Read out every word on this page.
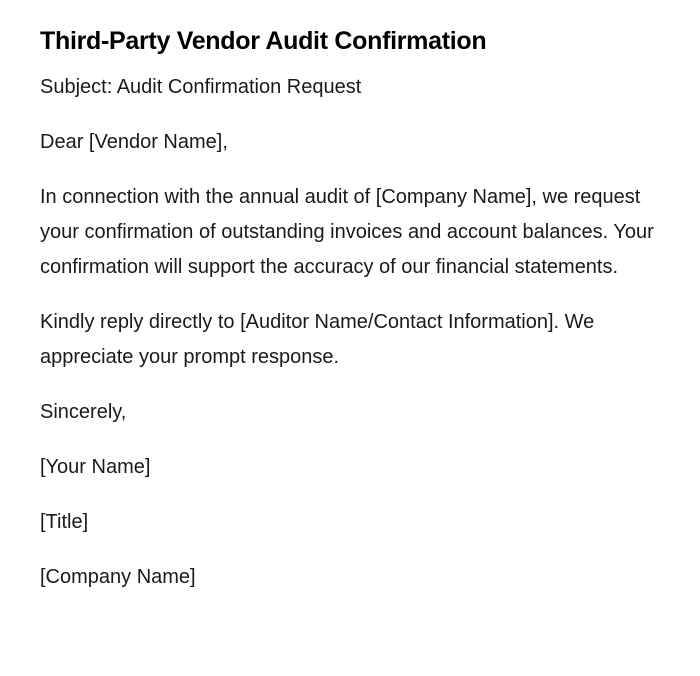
Third-Party Vendor Audit Confirmation

Subject: Audit Confirmation Request

Dear [Vendor Name],

In connection with the annual audit of [Company Name], we request your confirmation of outstanding invoices and account balances. Your confirmation will support the accuracy of our financial statements.

Kindly reply directly to [Auditor Name/Contact Information]. We appreciate your prompt response.

Sincerely,

[Your Name]

[Title]

[Company Name]
